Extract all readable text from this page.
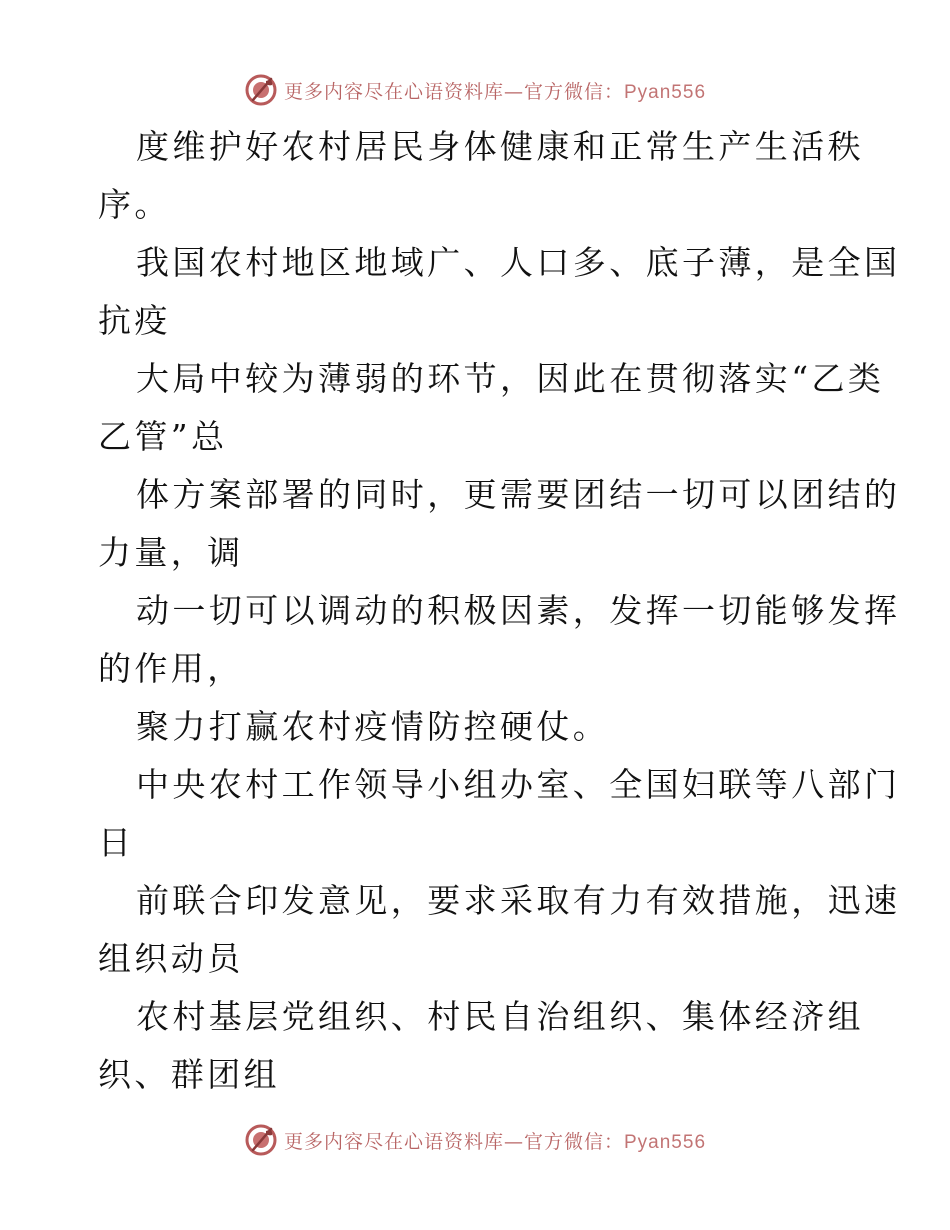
更多内容尽在心语资料库—官方微信：Pyan556
度维护好农村居民身体健康和正常生产生活秩
序。
我国农村地区地域广、人口多、底子薄，是全国
抗疫
大局中较为薄弱的环节，因此在贯彻落实“乙类
乙管”总
体方案部署的同时，更需要团结一切可以团结的
力量，调
动一切可以调动的积极因素，发挥一切能够发挥
的作用，
聚力打赢农村疫情防控硬仗。
中央农村工作领导小组办室、全国妇联等八部门
日
前联合印发意见，要求采取有力有效措施，迅速
组织动员
农村基层党组织、村民自治组织、集体经济组
织、群团组
更多内容尽在心语资料库—官方微信：Pyan556
